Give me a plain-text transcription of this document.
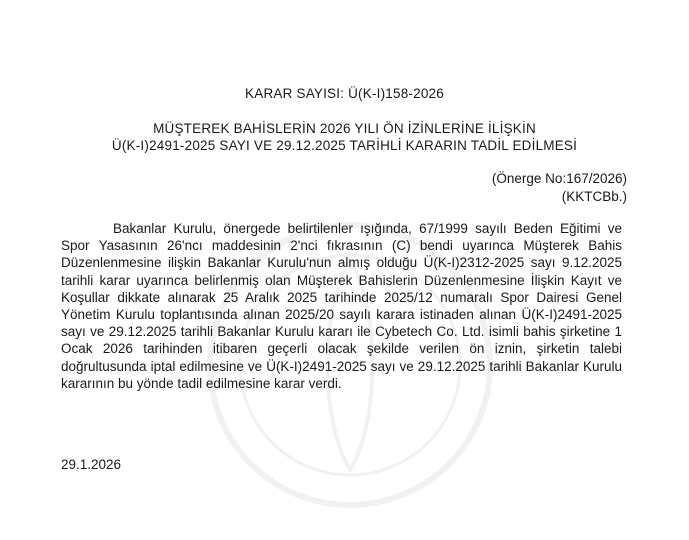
KARAR SAYISI: Ü(K-I)158-2026
MÜŞTEREK BAHİSLERİN 2026 YILI ÖN İZİNLERİNE İLİŞKİN
Ü(K-I)2491-2025 SAYI VE 29.12.2025 TARİHLİ KARARIN TADİL EDİLMESİ
(Önerge No:167/2026)
(KKTCBb.)
Bakanlar Kurulu, önergede belirtilenler ışığında, 67/1999 sayılı Beden Eğitimi ve Spor Yasasının 26'ncı maddesinin 2'nci fıkrasının (C) bendi uyarınca Müşterek Bahis Düzenlenmesine ilişkin Bakanlar Kurulu'nun almış olduğu Ü(K-I)2312-2025 sayı 9.12.2025 tarihli karar uyarınca belirlenmiş olan Müşterek Bahislerin Düzenlenmesine İlişkin Kayıt ve Koşullar dikkate alınarak 25 Aralık 2025 tarihinde 2025/12 numaralı Spor Dairesi Genel Yönetim Kurulu toplantısında alınan 2025/20 sayılı karara istinaden alınan Ü(K-I)2491-2025 sayı ve 29.12.2025 tarihli Bakanlar Kurulu kararı ile Cybetech Co. Ltd. isimli bahis şirketine 1 Ocak 2026 tarihinden itibaren geçerli olacak şekilde verilen ön iznin, şirketin talebi doğrultusunda iptal edilmesine ve Ü(K-I)2491-2025 sayı ve 29.12.2025 tarihli Bakanlar Kurulu kararının bu yönde tadil edilmesine karar verdi.
29.1.2026
